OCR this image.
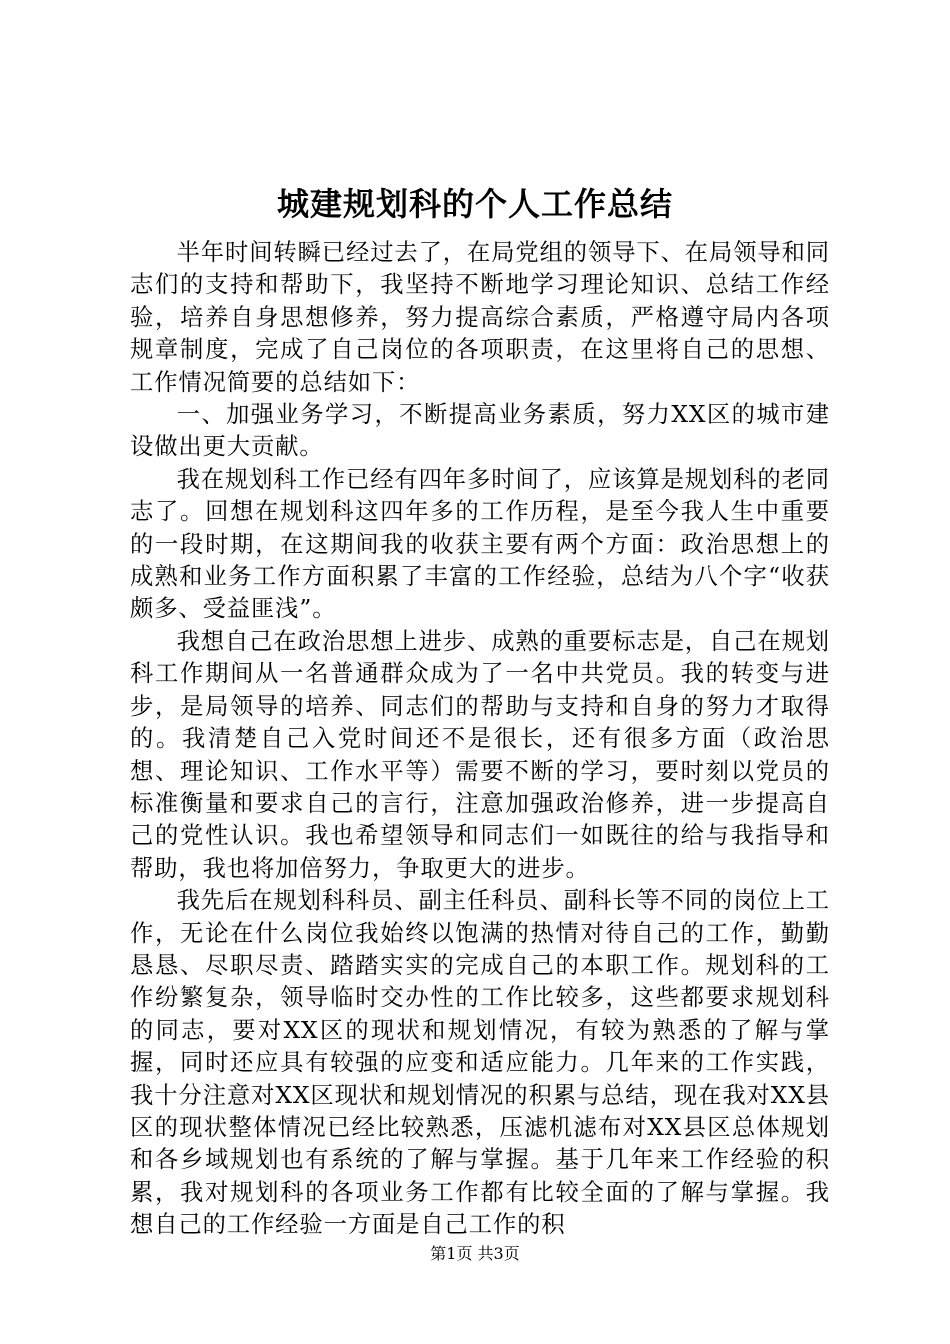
城建规划科的个人工作总结

半年时间转瞬已经过去了，在局党组的领导下、在局领导和同志们的支持和帮助下，我坚持不断地学习理论知识、总结工作经验，培养自身思想修养，努力提高综合素质，严格遵守局内各项规章制度，完成了自己岗位的各项职责，在这里将自己的思想、工作情况简要的总结如下：

一、加强业务学习，不断提高业务素质，努力XX区的城市建设做出更大贡献。

我在规划科工作已经有四年多时间了，应该算是规划科的老同志了。回想在规划科这四年多的工作历程，是至今我人生中重要的一段时期，在这期间我的收获主要有两个方面：政治思想上的成熟和业务工作方面积累了丰富的工作经验，总结为八个字“收获颇多、受益匪浅”。

我想自己在政治思想上进步、成熟的重要标志是，自己在规划科工作期间从一名普通群众成为了一名中共党员。我的转变与进步，是局领导的培养、同志们的帮助与支持和自身的努力才取得的。我清楚自己入党时间还不是很长，还有很多方面（政治思想、理论知识、工作水平等）需要不断的学习，要时刻以党员的标准衡量和要求自己的言行，注意加强政治修养，进一步提高自己的党性认识。我也希望领导和同志们一如既往的给与我指导和帮助，我也将加倍努力，争取更大的进步。

我先后在规划科科员、副主任科员、副科长等不同的岗位上工作，无论在什么岗位我始终以饱满的热情对待自己的工作，勤勤恳恳、尽职尽责、踏踏实实的完成自己的本职工作。规划科的工作纷繁复杂，领导临时交办性的工作比较多，这些都要求规划科的同志，要对XX区的现状和规划情况，有较为熟悉的了解与掌握，同时还应具有较强的应变和适应能力。几年来的工作实践，我十分注意对XX区现状和规划情况的积累与总结，现在我对XX县区的现状整体情况已经比较熟悉，压滤机滤布对XX县区总体规划和各乡域规划也有系统的了解与掌握。基于几年来工作经验的积累，我对规划科的各项业务工作都有比较全面的了解与掌握。我想自己的工作经验一方面是自己工作的积

第1页 共3页
